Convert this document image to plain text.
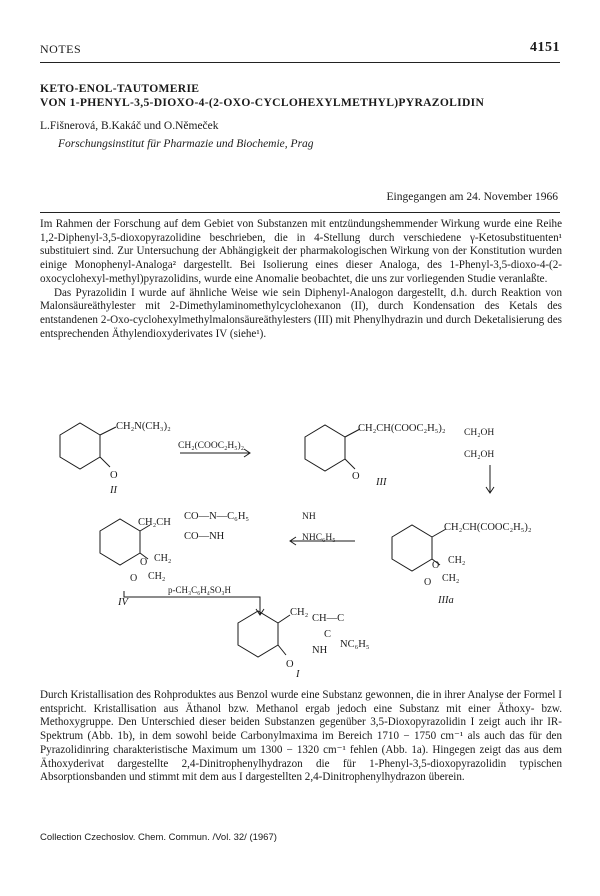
NOTES	4151
KETO-ENOL-TAUTOMERIE
VON 1-PHENYL-3,5-DIOXO-4-(2-OXO-CYCLOHEXYLMETHYL)PYRAZOLIDIN
L.Fišnerová, B.Kakáč und O.Němeček
Forschungsinstitut für Pharmazie und Biochemie, Prag
Eingegangen am 24. November 1966

Im Rahmen der Forschung auf dem Gebiet von Substanzen mit entzündungshemmender Wirkung wurde eine Reihe 1,2-Diphenyl-3,5-dioxopyrazolidine beschrieben, die in 4-Stellung durch verschiedene γ-Ketosubstituenten¹ substituiert sind. Zur Untersuchung der Abhängigkeit der pharmakologischen Wirkung von der Konstitution wurden einige Monophenyl-Analoga² dargestellt. Bei Isolierung eines dieser Analoga, des 1-Phenyl-3,5-dioxo-4-(2-oxocyclohexyl-methyl)pyrazolidins, wurde eine Anomalie beobachtet, die uns zur vorliegenden Studie veranlaßte.

Das Pyrazolidin I wurde auf ähnliche Weise wie sein Diphenyl-Analogon dargestellt, d.h. durch Reaktion von Malonsäureäthylester mit 2-Dimethylaminomethylcyclohexanon (II), durch Kondensation des Ketals des entstandenen 2-Oxo-cyclohexylmethylmalonsäureäthylesters (III) mit Phenylhydrazin und durch Deketalisierung des entsprechenden Äthylendioxyderivates IV (siehe¹).

CH₂N(CH₃)₂
O
II
CH₂(COOC₂H₅)₂
CH₂CH(COOC₂H₅)₂
O
III
CH₂OH
CH₂OH
CH₂CH(COOC₂H₅)₂
O CH₂
O CH₂
IIIa
NH
NHC₆H₅
CH₂CH
CO—N—C₆H₅
CO—NH
O CH₂
O CH₂
IV
p-CH₃C₆H₄SO₃H
CH₂
CH—C
C
NH
NC₆H₅
O
I

Durch Kristallisation des Rohproduktes aus Benzol wurde eine Substanz gewonnen, die in ihrer Analyse der Formel I entspricht. Kristallisation aus Äthanol bzw. Methanol ergab jedoch eine Substanz mit einer Äthoxy- bzw. Methoxygruppe. Den Unterschied dieser beiden Substanzen gegenüber 3,5-Dioxopyrazolidin I zeigt auch ihr IR-Spektrum (Abb. 1b), in dem sowohl beide Carbonylmaxima im Bereich 1710 − 1750 cm⁻¹ als auch das für den Pyrazolidinring charakteristische Maximum um 1300 − 1320 cm⁻¹ fehlen (Abb. 1a). Hingegen zeigt das aus dem Äthoxyderivat dargestellte 2,4-Dinitrophenylhydrazon die für 1-Phenyl-3,5-dioxopyrazolidin typischen Absorptionsbanden und stimmt mit dem aus I dargestellten 2,4-Dinitrophenylhydrazon überein.

Collection Czechoslov. Chem. Commun. /Vol. 32/ (1967)
